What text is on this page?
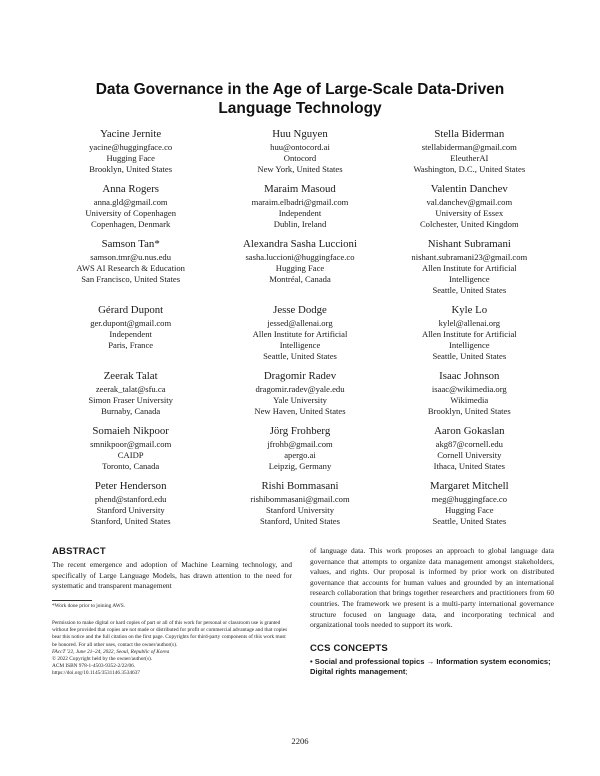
Data Governance in the Age of Large-Scale Data-Driven
Language Technology
Yacine Jernite
yacine@huggingface.co
Hugging Face
Brooklyn, United States
Huu Nguyen
huu@ontocord.ai
Ontocord
New York, United States
Stella Biderman
stellabiderman@gmail.com
EleutherAI
Washington, D.C., United States
Anna Rogers
anna.gld@gmail.com
University of Copenhagen
Copenhagen, Denmark
Maraim Masoud
maraim.elbadri@gmail.com
Independent
Dublin, Ireland
Valentin Danchev
val.danchev@gmail.com
University of Essex
Colchester, United Kingdom
Samson Tan*
samson.tmr@u.nus.edu
AWS AI Research & Education
San Francisco, United States
Alexandra Sasha Luccioni
sasha.luccioni@huggingface.co
Hugging Face
Montréal, Canada
Nishant Subramani
nishant.subramani23@gmail.com
Allen Institute for Artificial
Intelligence
Seattle, United States
Gérard Dupont
ger.dupont@gmail.com
Independent
Paris, France
Jesse Dodge
jessed@allenai.org
Allen Institute for Artificial
Intelligence
Seattle, United States
Kyle Lo
kylel@allenai.org
Allen Institute for Artificial
Intelligence
Seattle, United States
Zeerak Talat
zeerak_talat@sfu.ca
Simon Fraser University
Burnaby, Canada
Dragomir Radev
dragomir.radev@yale.edu
Yale University
New Haven, United States
Isaac Johnson
isaac@wikimedia.org
Wikimedia
Brooklyn, United States
Somaieh Nikpoor
smnikpoor@gmail.com
CAIDP
Toronto, Canada
Jörg Frohberg
jfrohb@gmail.com
apergo.ai
Leipzig, Germany
Aaron Gokaslan
akg87@cornell.edu
Cornell University
Ithaca, United States
Peter Henderson
phend@stanford.edu
Stanford University
Stanford, United States
Rishi Bommasani
rishibommasani@gmail.com
Stanford University
Stanford, United States
Margaret Mitchell
meg@huggingface.co
Hugging Face
Seattle, United States
ABSTRACT

The recent emergence and adoption of Machine Learning technology, and specifically of Large Language Models, has drawn attention to the need for systematic and transparent management

*Work done prior to joining AWS.

Permission to make digital or hard copies of part or all of this work for personal or classroom use is granted without fee provided that copies are not made or distributed for profit or commercial advantage and that copies bear this notice and the full citation on the first page. Copyrights for third-party components of this work must be honored. For all other uses, contact the owner/author(s).

FAccT '22, June 21–24, 2022, Seoul, Republic of Korea

© 2022 Copyright held by the owner/author(s).

ACM ISBN 978-1-4503-9352-2/22/06.

https://doi.org/10.1145/3531146.3534637

of language data. This work proposes an approach to global language data governance that attempts to organize data management amongst stakeholders, values, and rights. Our proposal is informed by prior work on distributed governance that accounts for human values and grounded by an international research collaboration that brings together researchers and practitioners from 60 countries. The framework we present is a multi-party international governance structure focused on language data, and incorporating technical and organizational tools needed to support its work.

CCS CONCEPTS
• Social and professional topics → Information system economics; Digital rights management;
2206
